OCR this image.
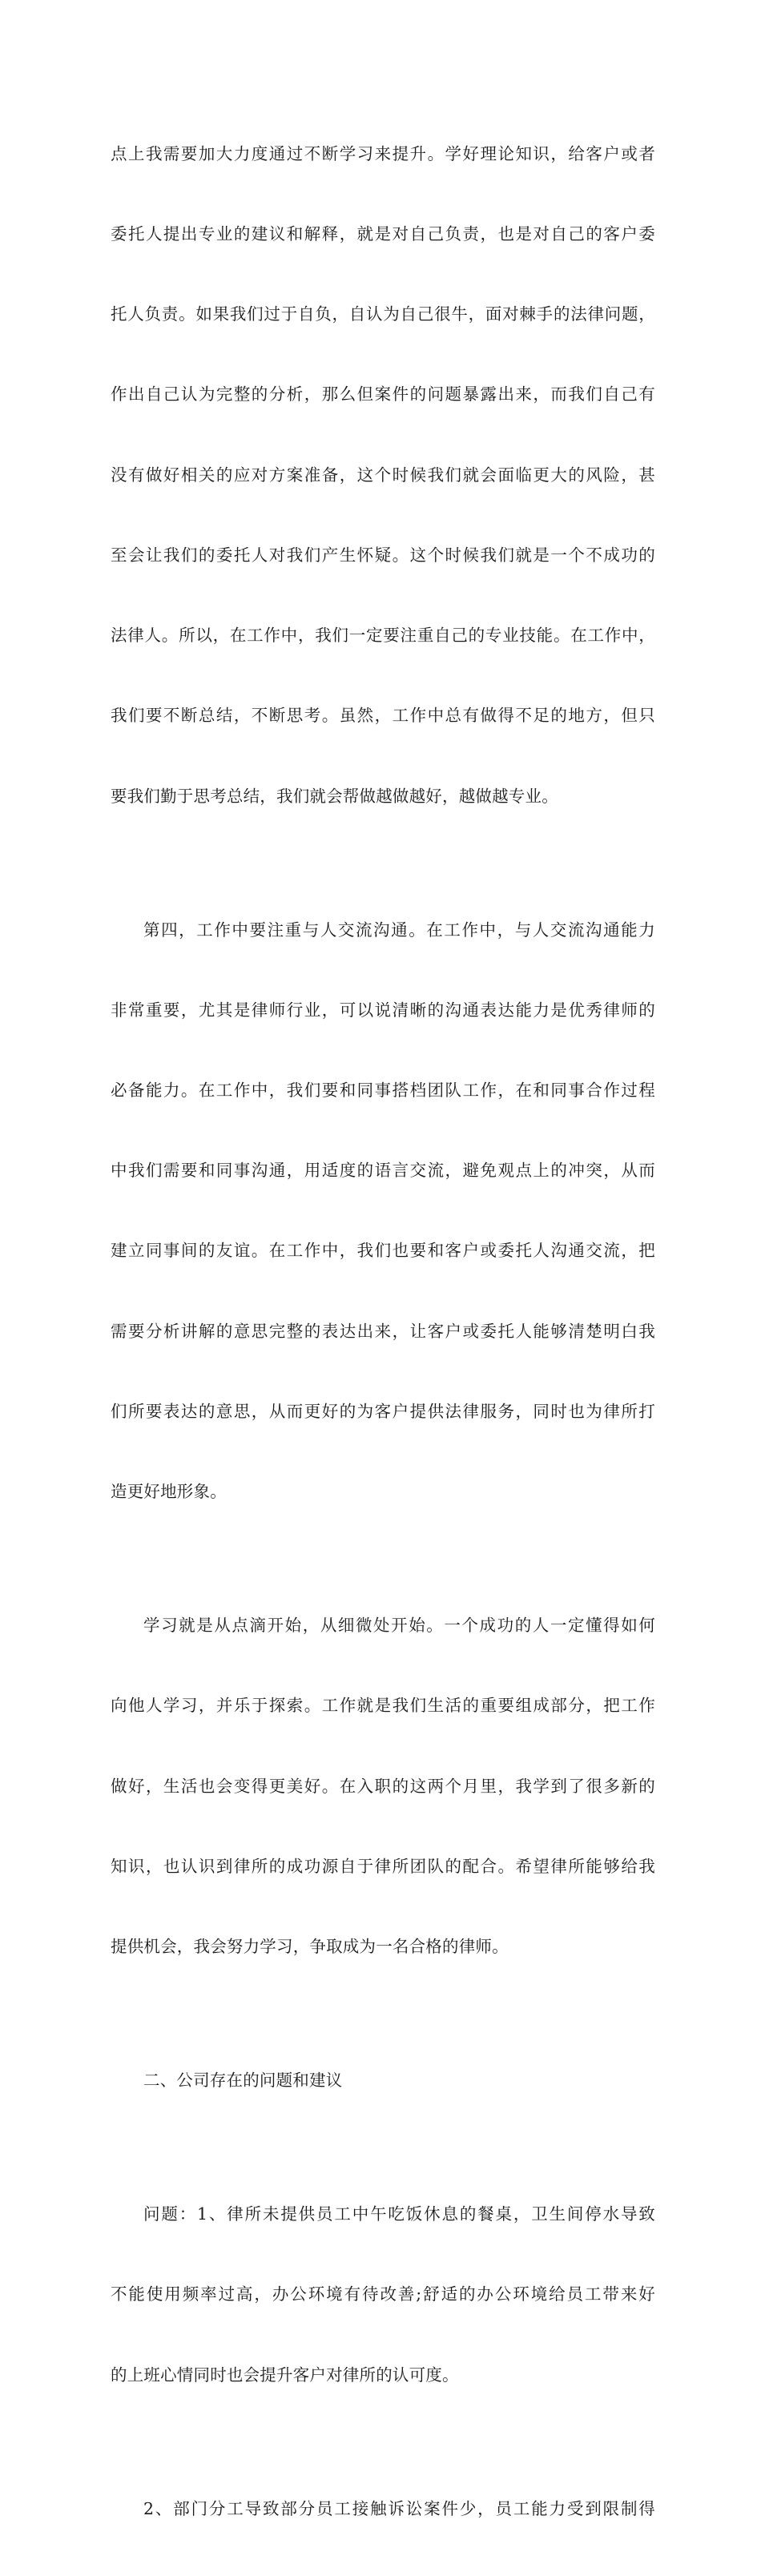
点上我需要加大力度通过不断学习来提升。学好理论知识，给客户或者

委托人提出专业的建议和解释，就是对自己负责，也是对自己的客户委

托人负责。如果我们过于自负，自认为自己很牛，面对棘手的法律问题，

作出自己认为完整的分析，那么但案件的问题暴露出来，而我们自己有

没有做好相关的应对方案准备，这个时候我们就会面临更大的风险，甚

至会让我们的委托人对我们产生怀疑。这个时候我们就是一个不成功的

法律人。所以，在工作中，我们一定要注重自己的专业技能。在工作中，

我们要不断总结，不断思考。虽然，工作中总有做得不足的地方，但只

要我们勤于思考总结，我们就会帮做越做越好，越做越专业。

第四，工作中要注重与人交流沟通。在工作中，与人交流沟通能力

非常重要，尤其是律师行业，可以说清晰的沟通表达能力是优秀律师的

必备能力。在工作中，我们要和同事搭档团队工作，在和同事合作过程

中我们需要和同事沟通，用适度的语言交流，避免观点上的冲突，从而

建立同事间的友谊。在工作中，我们也要和客户或委托人沟通交流，把

需要分析讲解的意思完整的表达出来，让客户或委托人能够清楚明白我

们所要表达的意思，从而更好的为客户提供法律服务，同时也为律所打

造更好地形象。

学习就是从点滴开始，从细微处开始。一个成功的人一定懂得如何

向他人学习，并乐于探索。工作就是我们生活的重要组成部分，把工作

做好，生活也会变得更美好。在入职的这两个月里，我学到了很多新的

知识，也认识到律所的成功源自于律所团队的配合。希望律所能够给我

提供机会，我会努力学习，争取成为一名合格的律师。

二、公司存在的问题和建议

问题：1、律所未提供员工中午吃饭休息的餐桌，卫生间停水导致

不能使用频率过高，办公环境有待改善;舒适的办公环境给员工带来好

的上班心情同时也会提升客户对律所的认可度。

2、部门分工导致部分员工接触诉讼案件少，员工能力受到限制得
